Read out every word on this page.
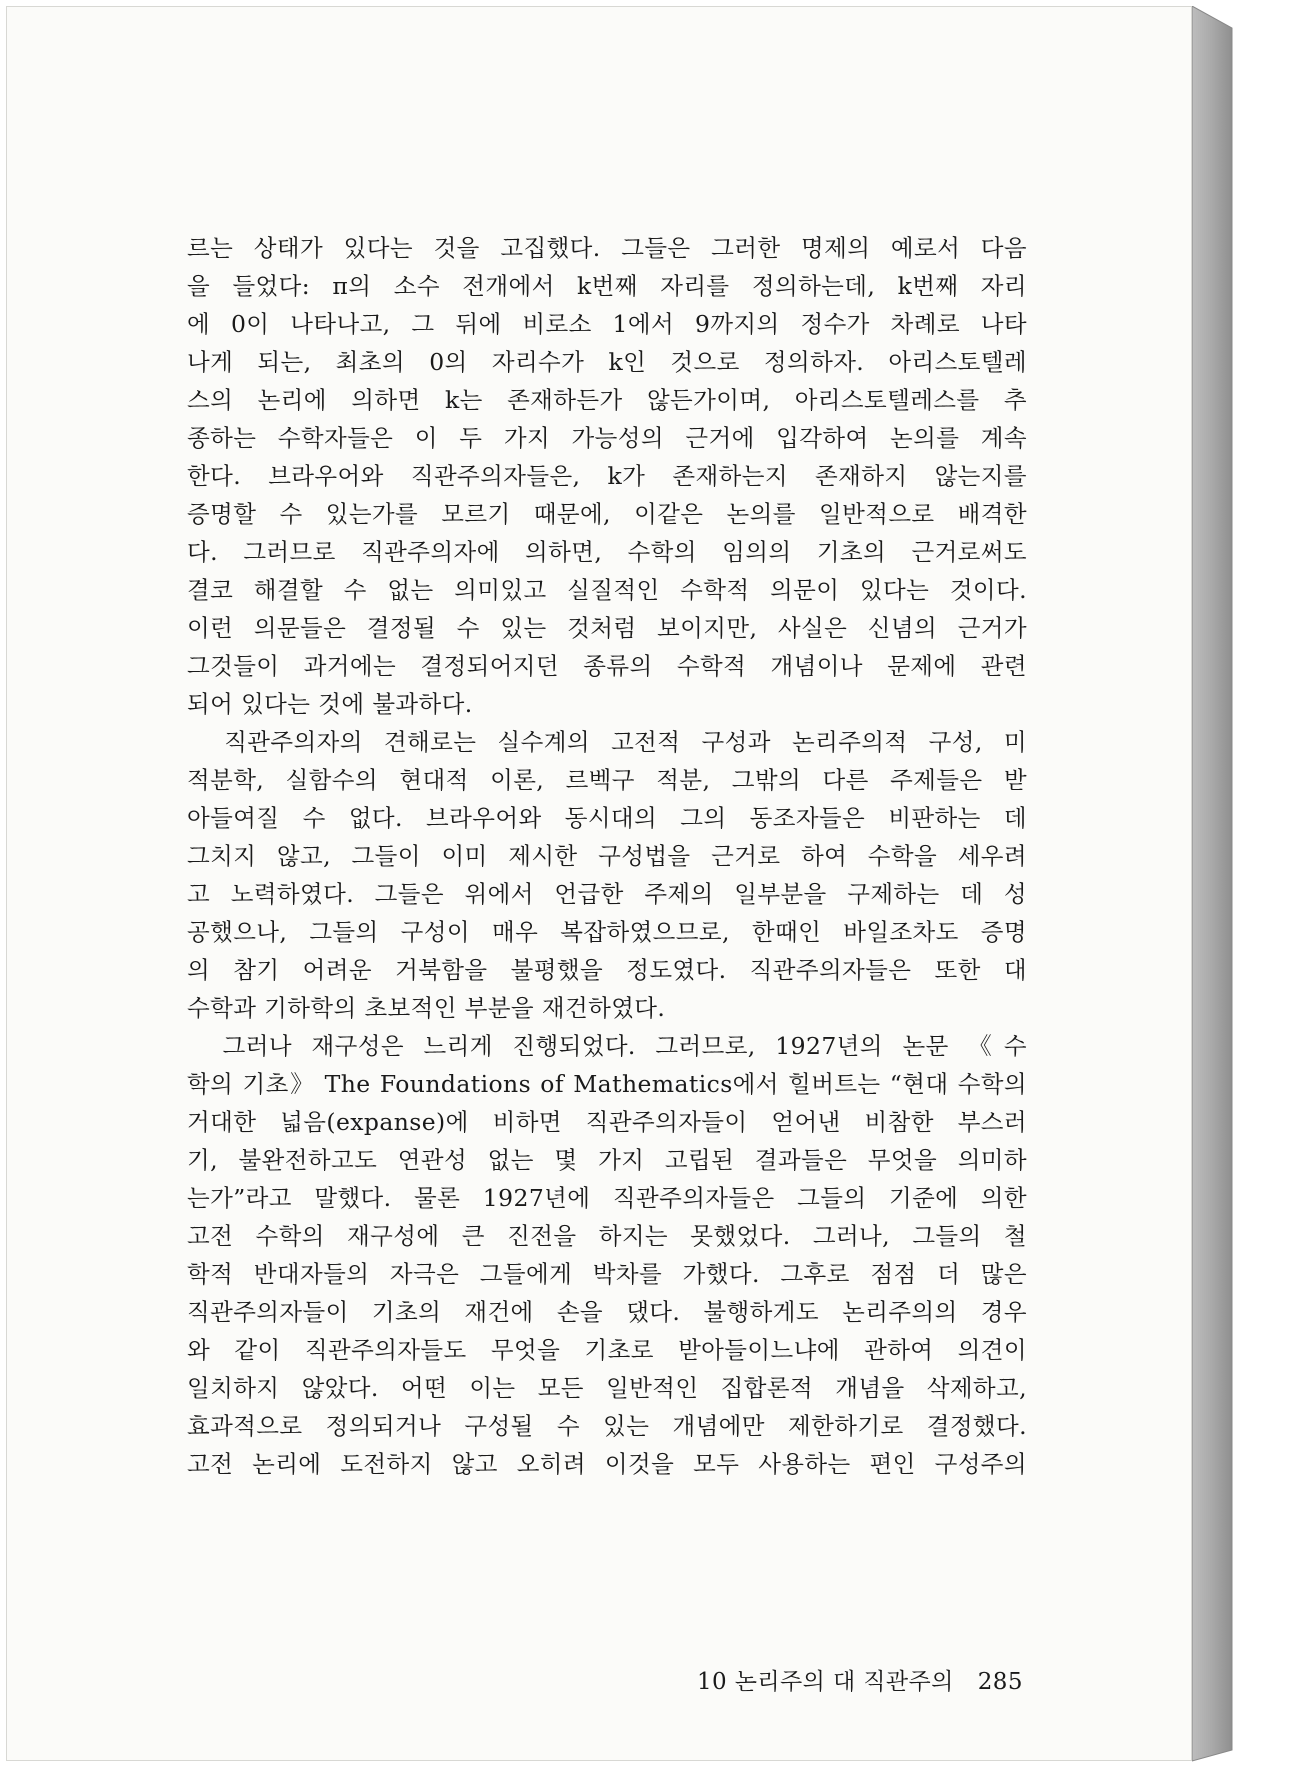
르는 상태가 있다는 것을 고집했다. 그들은 그러한 명제의 예로서 다음
을 들었다: π의 소수 전개에서 k번째 자리를 정의하는데, k번째 자리
에 0이 나타나고, 그 뒤에 비로소 1에서 9까지의 정수가 차례로 나타
나게 되는, 최초의 0의 자리수가 k인 것으로 정의하자. 아리스토텔레
스의 논리에 의하면 k는 존재하든가 않든가이며, 아리스토텔레스를 추
종하는 수학자들은 이 두 가지 가능성의 근거에 입각하여 논의를 계속
한다. 브라우어와 직관주의자들은, k가 존재하는지 존재하지 않는지를
증명할 수 있는가를 모르기 때문에, 이같은 논의를 일반적으로 배격한
다. 그러므로 직관주의자에 의하면, 수학의 임의의 기초의 근거로써도
결코 해결할 수 없는 의미있고 실질적인 수학적 의문이 있다는 것이다.
이런 의문들은 결정될 수 있는 것처럼 보이지만, 사실은 신념의 근거가
그것들이 과거에는 결정되어지던 종류의 수학적 개념이나 문제에 관련
되어 있다는 것에 불과하다.
　직관주의자의 견해로는 실수계의 고전적 구성과 논리주의적 구성, 미
적분학, 실함수의 현대적 이론, 르벡구 적분, 그밖의 다른 주제들은 받
아들여질 수 없다. 브라우어와 동시대의 그의 동조자들은 비판하는 데
그치지 않고, 그들이 이미 제시한 구성법을 근거로 하여 수학을 세우려
고 노력하였다. 그들은 위에서 언급한 주제의 일부분을 구제하는 데 성
공했으나, 그들의 구성이 매우 복잡하였으므로, 한때인 바일조차도 증명
의 참기 어려운 거북함을 불평했을 정도였다. 직관주의자들은 또한 대
수학과 기하학의 초보적인 부분을 재건하였다.
　그러나 재구성은 느리게 진행되었다. 그러므로, 1927년의 논문 《수
학의 기초》 The Foundations of Mathematics에서 힐버트는 “현대 수학의
거대한 넓음(expanse)에 비하면 직관주의자들이 얻어낸 비참한 부스러
기, 불완전하고도 연관성 없는 몇 가지 고립된 결과들은 무엇을 의미하
는가”라고 말했다. 물론 1927년에 직관주의자들은 그들의 기준에 의한
고전 수학의 재구성에 큰 진전을 하지는 못했었다. 그러나, 그들의 철
학적 반대자들의 자극은 그들에게 박차를 가했다. 그후로 점점 더 많은
직관주의자들이 기초의 재건에 손을 댔다. 불행하게도 논리주의의 경우
와 같이 직관주의자들도 무엇을 기초로 받아들이느냐에 관하여 의견이
일치하지 않았다. 어떤 이는 모든 일반적인 집합론적 개념을 삭제하고,
효과적으로 정의되거나 구성될 수 있는 개념에만 제한하기로 결정했다.
고전 논리에 도전하지 않고 오히려 이것을 모두 사용하는 편인 구성주의
10 논리주의 대 직관주의 285
